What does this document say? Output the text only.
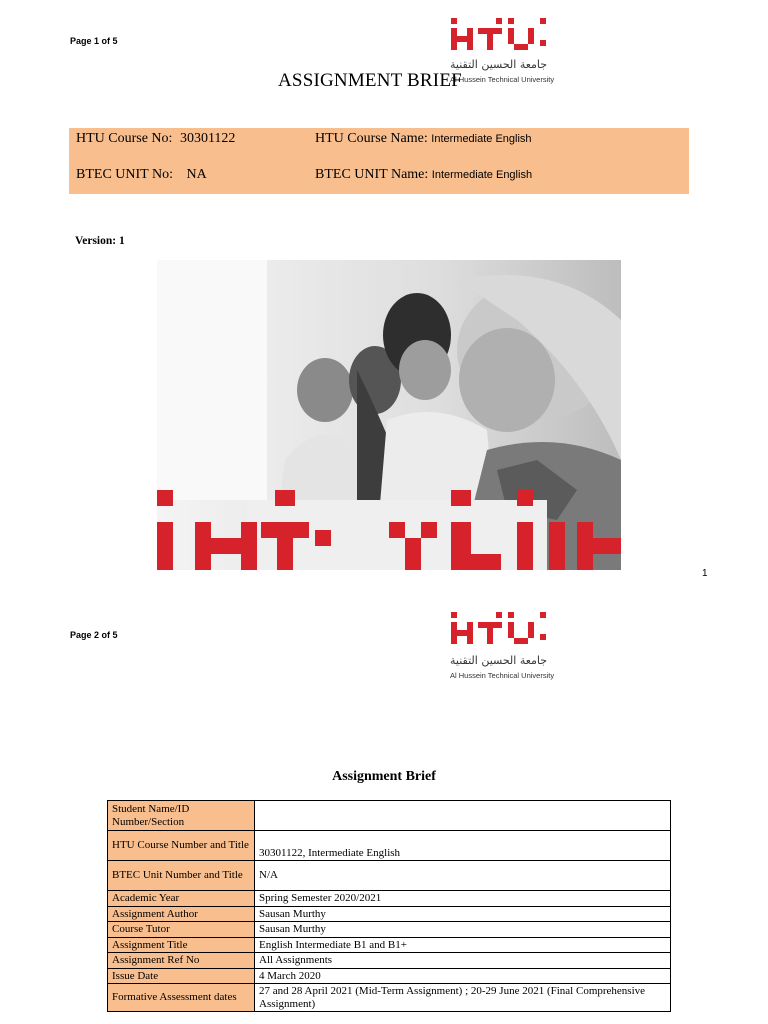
Page 1 of 5
جامعة الحسين التقنية
Al Hussein Technical University
ASSIGNMENT BRIEF
HTU Course No: 30301122	HTU Course Name: Intermediate English
BTEC UNIT No: NA	BTEC UNIT Name: Intermediate English
Version: 1
1
Page 2 of 5
جامعة الحسين التقنية
Al Hussein Technical University
Assignment Brief
Student Name/ID Number/Section	
HTU Course Number and Title	30301122, Intermediate English
BTEC Unit Number and Title	N/A
Academic Year	Spring Semester 2020/2021
Assignment Author	Sausan Murthy
Course Tutor	Sausan Murthy
Assignment Title	English Intermediate B1 and B1+
Assignment Ref No	All Assignments
Issue Date	4 March 2020
Formative Assessment dates	27 and 28 April 2021 (Mid-Term Assignment) ; 20-29 June 2021 (Final Comprehensive Assignment)
